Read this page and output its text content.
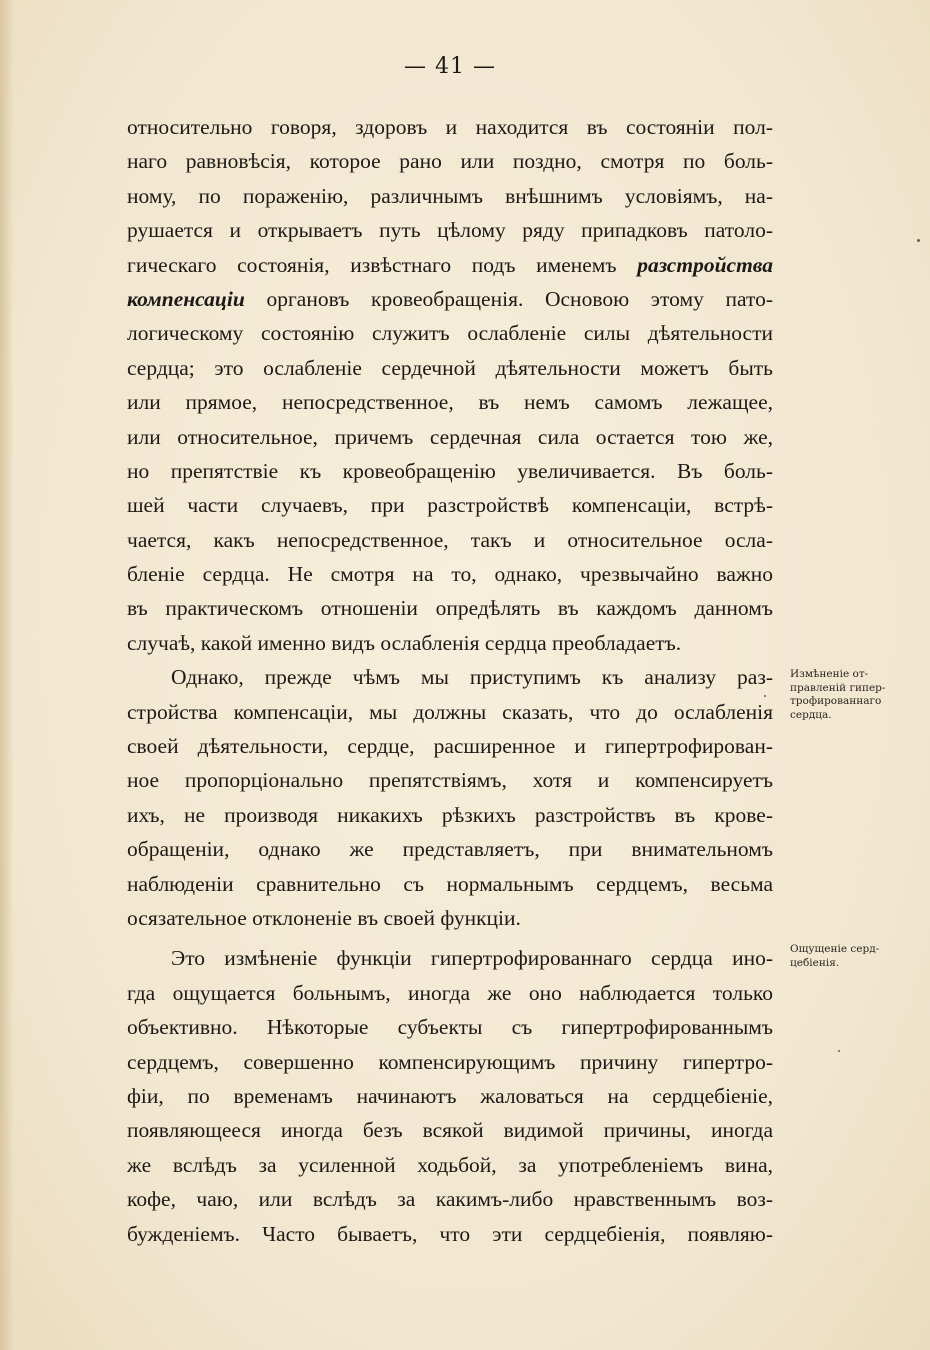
— 41 —
относительно говоря, здоровъ и находится въ состоянiи пол-
наго равновѣсiя, которое рано или поздно, смотря по боль-
ному, по пораженiю, различнымъ внѣшнимъ условiямъ, на-
рушается и открываетъ путь цѣлому ряду припадковъ патоло-
гическаго состоянiя, извѣстнаго подъ именемъ разстройства
компенсацiи органовъ кровеобращенiя. Основою этому пато-
логическому состоянiю служитъ ослабленiе силы дѣятельности
сердца; это ослабленiе сердечной дѣятельности можетъ быть
или прямое, непосредственное, въ немъ самомъ лежащее,
или относительное, причемъ сердечная сила остается тою же,
но препятствiе къ кровеобращенiю увеличивается. Въ боль-
шей части случаевъ, при разстройствѣ компенсацiи, встрѣ-
чается, какъ непосредственное, такъ и относительное осла-
бленiе сердца. Не смотря на то, однако, чрезвычайно важно
въ практическомъ отношенiи опредѣлять въ каждомъ данномъ
случаѣ, какой именно видъ ослабленiя сердца преобладаетъ.
Однако, прежде чѣмъ мы приступимъ къ анализу раз-
стройства компенсацiи, мы должны сказать, что до ослабленiя
своей дѣятельности, сердце, расширенное и гипертрофирован-
ное пропорцiонально препятствiямъ, хотя и компенсируетъ
ихъ, не производя никакихъ рѣзкихъ разстройствъ въ крове-
обращенiи, однако же представляетъ, при внимательномъ
наблюденiи сравнительно съ нормальнымъ сердцемъ, весьма
осязательное отклоненiе въ своей функцiи.
Это измѣненiе функцiи гипертрофированнаго сердца ино-
гда ощущается больнымъ, иногда же оно наблюдается только
объективно. Нѣкоторые субъекты съ гипертрофированнымъ
сердцемъ, совершенно компенсирующимъ причину гипертро-
фiи, по временамъ начинаютъ жаловаться на сердцебiенiе,
появляющееся иногда безъ всякой видимой причины, иногда
же вслѣдъ за усиленной ходьбой, за употребленiемъ вина,
кофе, чаю, или вслѣдъ за какимъ-либо нравственнымъ воз-
бужденiемъ. Часто бываетъ, что эти сердцебiенiя, появляю-
Измѣненiе от-
правленiй гипер-
трофированнаго
сердца.
Ощущенiе серд-
цебiенiя.
